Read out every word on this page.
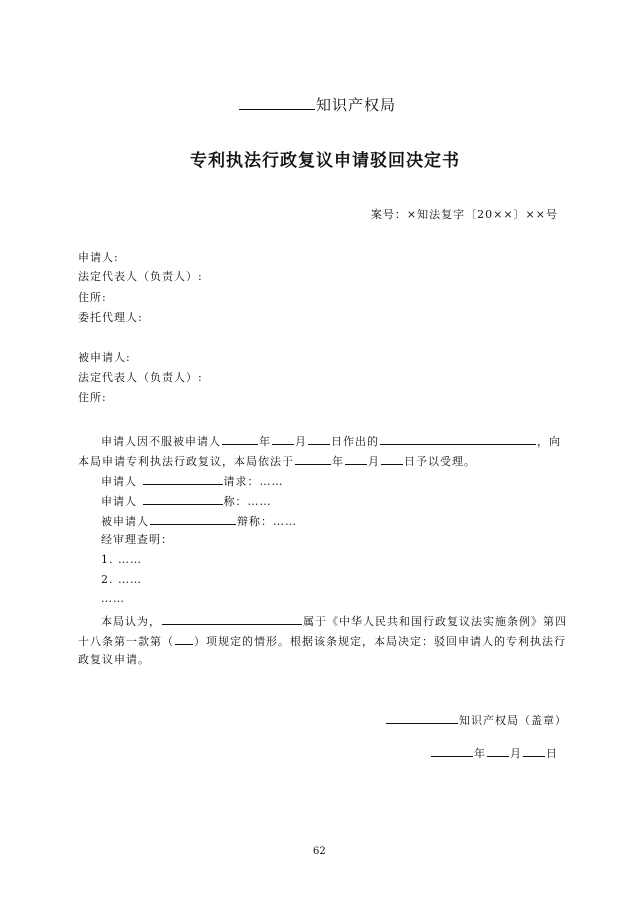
知识产权局
专利执法行政复议申请驳回决定书
案号：×知法复字〔20××〕××号
申请人:
法定代表人（负责人）:
住所:
委托代理人:
被申请人:
法定代表人（负责人）:
住所:
申请人因不服被申请人	年 月 日作出的	，向
本局申请专利执法行政复议，本局依法于	年 月 日予以受理。
申请人	请求：……
申请人	称：……
被申请人	辩称：……
经审理查明：
1. ……
2. ……
……
本局认为，	属于《中华人民共和国行政复议法实施条例》第四
十八条第一款第（ ）项规定的情形。根据该条规定，本局决定：驳回申请人的专利执法行
政复议申请。
知识产权局（盖章）
年 月 日
62
